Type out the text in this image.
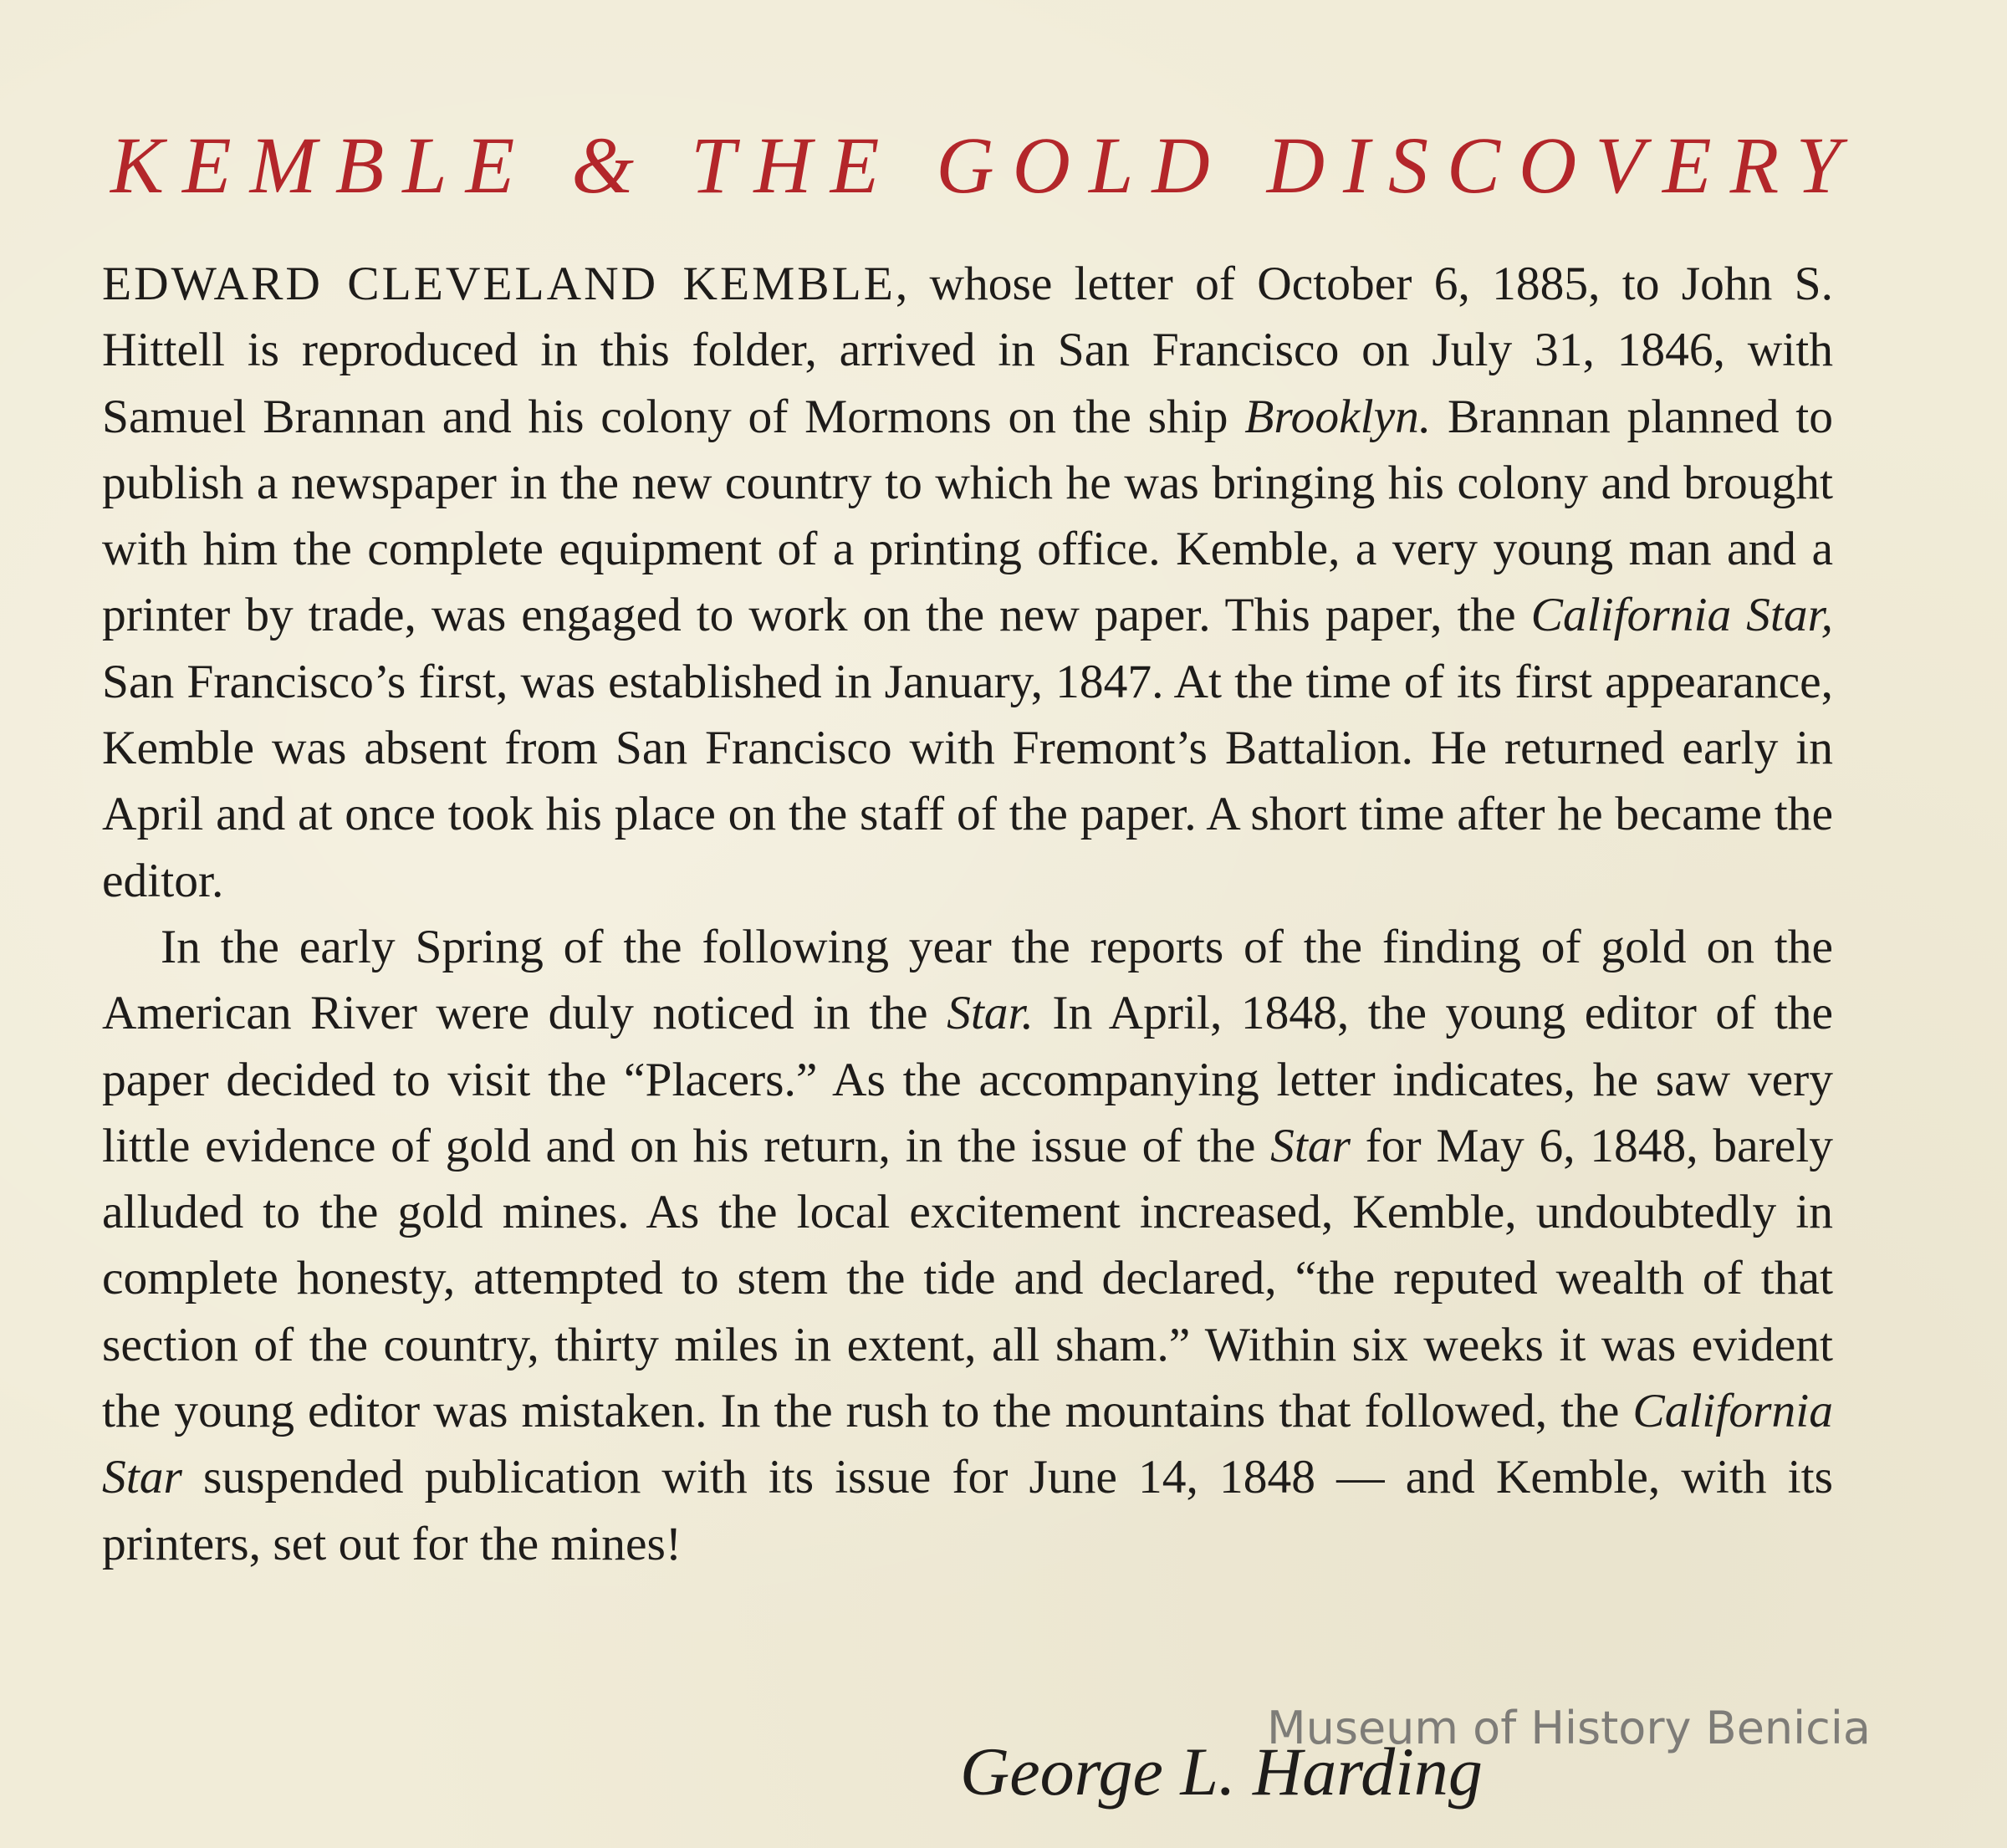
KEMBLE & THE GOLD DISCOVERY

EDWARD CLEVELAND KEMBLE, whose letter of October 6, 1885, to John S. Hittell is reproduced in this folder, arrived in San Francisco on July 31, 1846, with Samuel Brannan and his colony of Mormons on the ship Brooklyn. Brannan planned to publish a newspaper in the new country to which he was bringing his colony and brought with him the complete equipment of a printing office. Kemble, a very young man and a printer by trade, was engaged to work on the new paper. This paper, the California Star, San Francisco’s first, was established in January, 1847. At the time of its first appearance, Kemble was absent from San Francisco with Fremont’s Battalion. He returned early in April and at once took his place on the staff of the paper. A short time after he became the editor.

In the early Spring of the following year the reports of the finding of gold on the American River were duly noticed in the Star. In April, 1848, the young editor of the paper decided to visit the “Placers.” As the accompanying letter indicates, he saw very little evidence of gold and on his return, in the issue of the Star for May 6, 1848, barely alluded to the gold mines. As the local excitement increased, Kemble, undoubtedly in complete honesty, attempted to stem the tide and declared, “the reputed wealth of that section of the country, thirty miles in extent, all sham.” Within six weeks it was evident the young editor was mistaken. In the rush to the mountains that followed, the California Star suspended publication with its issue for June 14, 1848 — and Kemble, with its printers, set out for the mines!

Museum of History Benicia
George L. Harding
